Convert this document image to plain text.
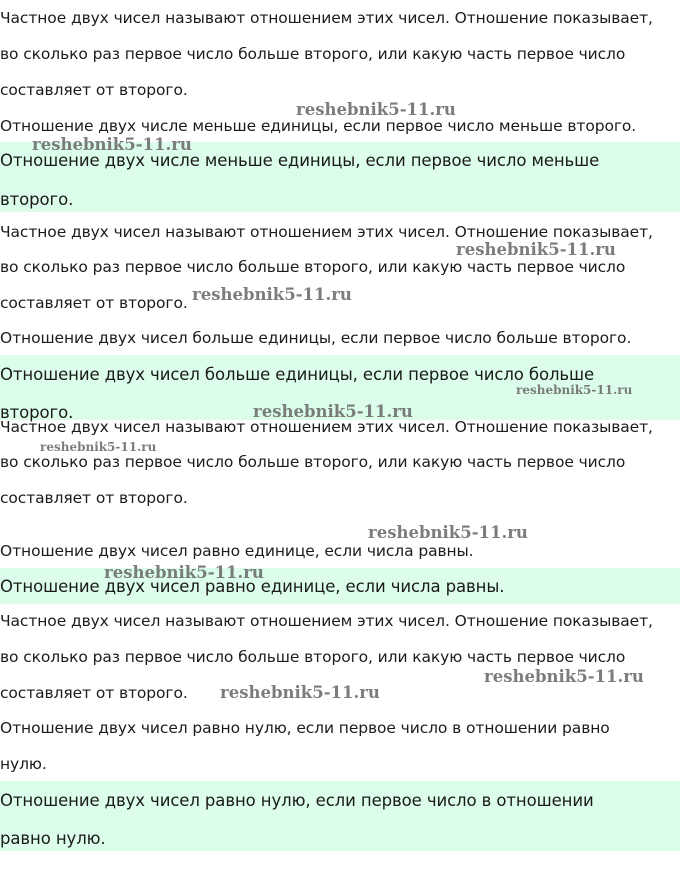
Частное двух чисел называют отношением этих чисел. Отношение показывает,
во сколько раз первое число больше второго, или какую часть первое число
составляет от второго.
Отношение двух числе меньше единицы, если первое число меньше второго.
Отношение двух числе меньше единицы, если первое число меньше
второго.
Частное двух чисел называют отношением этих чисел. Отношение показывает,
во сколько раз первое число больше второго, или какую часть первое число
составляет от второго.
Отношение двух чисел больше единицы, если первое число больше второго.
Отношение двух чисел больше единицы, если первое число больше
второго.
Частное двух чисел называют отношением этих чисел. Отношение показывает,
во сколько раз первое число больше второго, или какую часть первое число
составляет от второго.
Отношение двух чисел равно единице, если числа равны.
Отношение двух чисел равно единице, если числа равны.
Частное двух чисел называют отношением этих чисел. Отношение показывает,
во сколько раз первое число больше второго, или какую часть первое число
составляет от второго.
Отношение двух чисел равно нулю, если первое число в отношении равно
нулю.
Отношение двух чисел равно нулю, если первое число в отношении
равно нулю.
reshebnik5-11.ru
reshebnik5-11.ru
reshebnik5-11.ru
reshebnik5-11.ru
reshebnik5-11.ru
reshebnik5-11.ru
reshebnik5-11.ru
reshebnik5-11.ru
reshebnik5-11.ru
reshebnik5-11.ru
reshebnik5-11.ru
